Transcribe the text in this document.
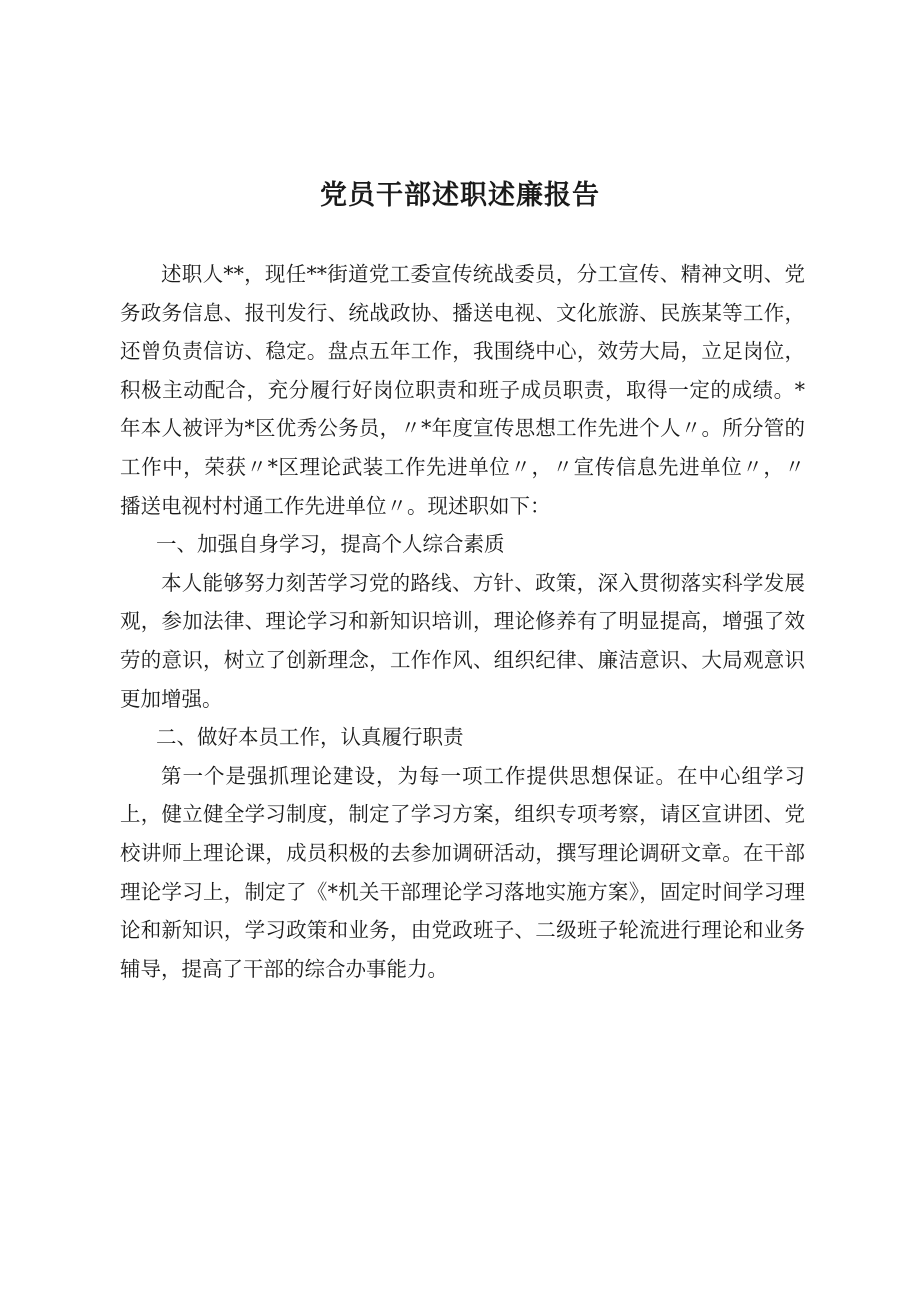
党员干部述职述廉报告

述职人**，现任**街道党工委宣传统战委员，分工宣传、精神文明、党务政务信息、报刊发行、统战政协、播送电视、文化旅游、民族某等工作，还曾负责信访、稳定。盘点五年工作，我围绕中心，效劳大局，立足岗位，积极主动配合，充分履行好岗位职责和班子成员职责，取得一定的成绩。*年本人被评为*区优秀公务员，〃*年度宣传思想工作先进个人〃。所分管的工作中，荣获〃*区理论武装工作先进单位〃，〃宣传信息先进单位〃，〃播送电视村村通工作先进单位〃。现述职如下：

一、加强自身学习，提高个人综合素质

本人能够努力刻苦学习党的路线、方针、政策，深入贯彻落实科学发展观，参加法律、理论学习和新知识培训，理论修养有了明显提高，增强了效劳的意识，树立了创新理念，工作作风、组织纪律、廉洁意识、大局观意识更加增强。

二、做好本员工作，认真履行职责

第一个是强抓理论建设，为每一项工作提供思想保证。在中心组学习上，健立健全学习制度，制定了学习方案，组织专项考察，请区宣讲团、党校讲师上理论课，成员积极的去参加调研活动，撰写理论调研文章。在干部理论学习上，制定了《*机关干部理论学习落地实施方案》，固定时间学习理论和新知识，学习政策和业务，由党政班子、二级班子轮流进行理论和业务辅导，提高了干部的综合办事能力。
